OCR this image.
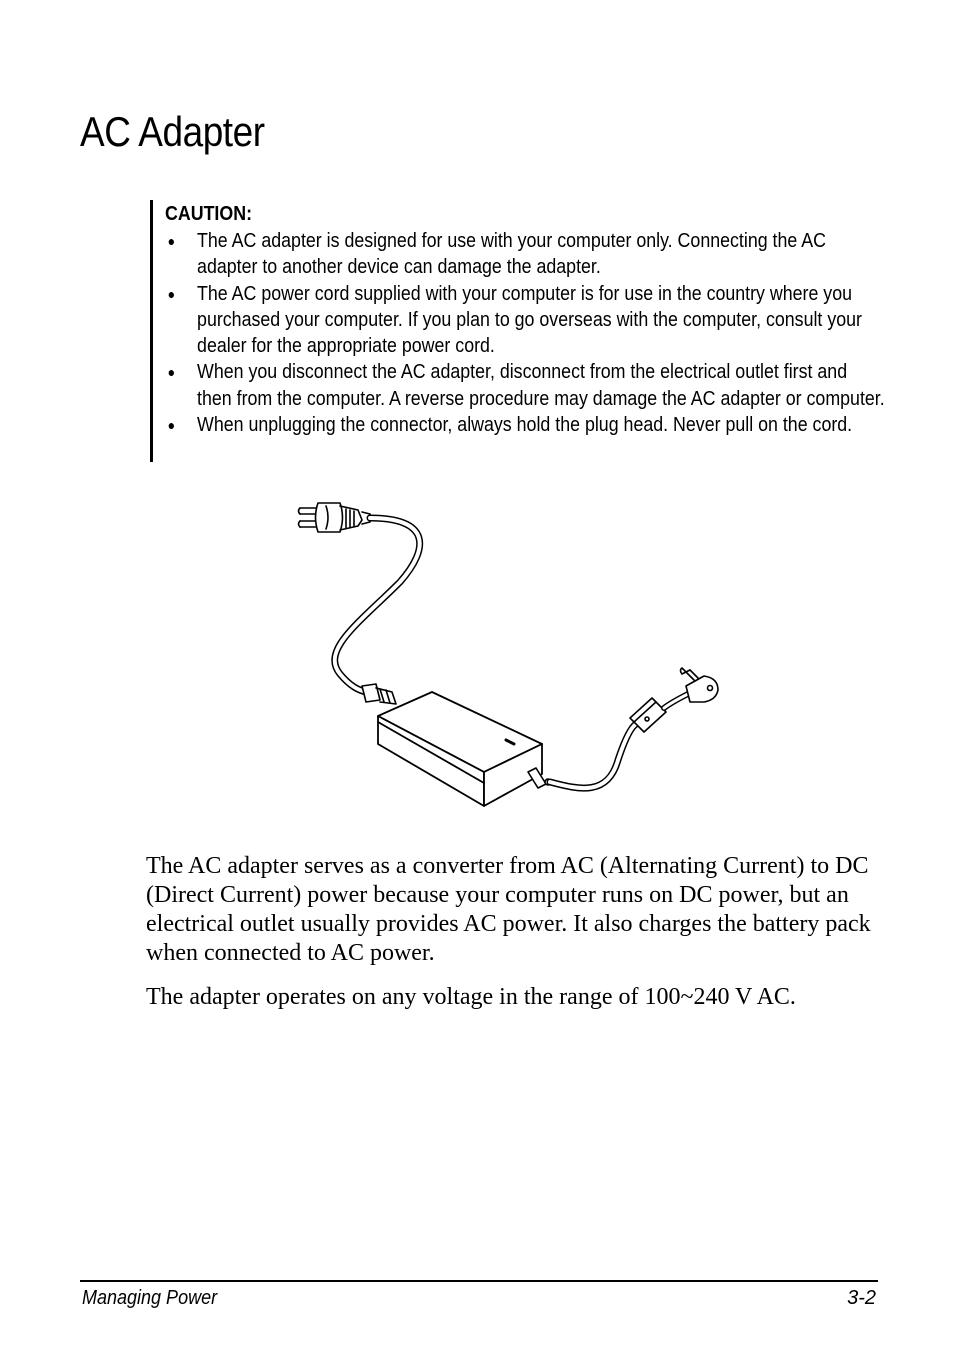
AC Adapter

CAUTION:

● The AC adapter is designed for use with your computer only. Connecting the AC adapter to another device can damage the adapter.
● The AC power cord supplied with your computer is for use in the country where you purchased your computer. If you plan to go overseas with the computer, consult your dealer for the appropriate power cord.
● When you disconnect the AC adapter, disconnect from the electrical outlet first and then from the computer. A reverse procedure may damage the AC adapter or computer.
● When unplugging the connector, always hold the plug head. Never pull on the cord.

The AC adapter serves as a converter from AC (Alternating Current) to DC (Direct Current) power because your computer runs on DC power, but an electrical outlet usually provides AC power. It also charges the battery pack when connected to AC power.

The adapter operates on any voltage in the range of 100~240 V AC.

Managing Power	3-2
